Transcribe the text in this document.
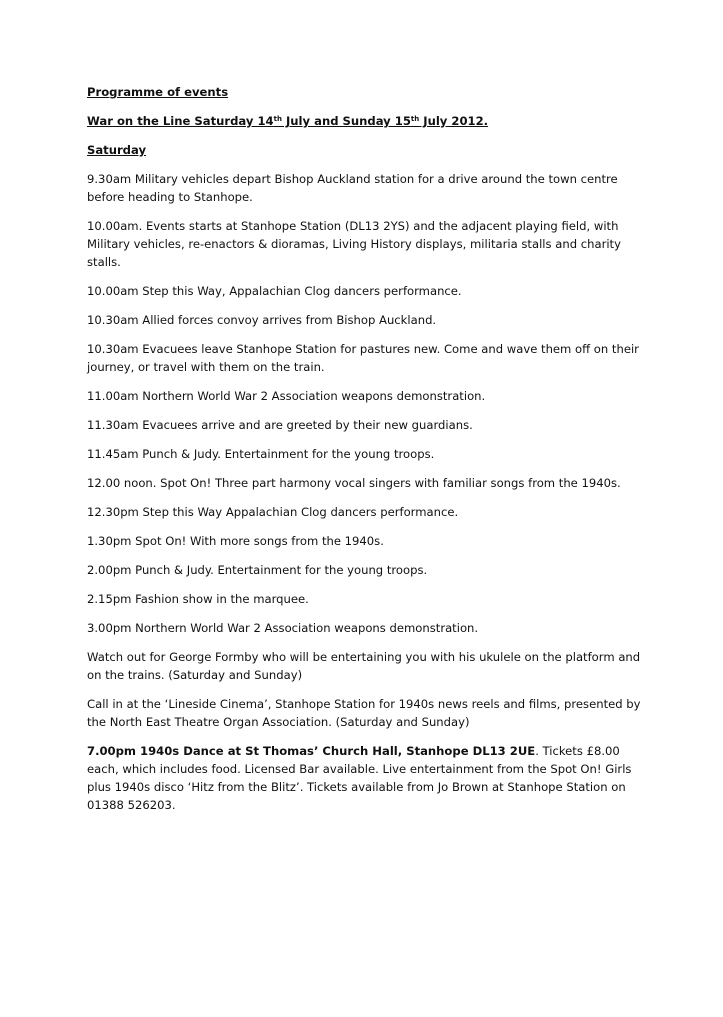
Programme of events

War on the Line Saturday 14th July and Sunday 15th July 2012.

Saturday

9.30am Military vehicles depart Bishop Auckland station for a drive around the town centre before heading to Stanhope.

10.00am. Events starts at Stanhope Station (DL13 2YS) and the adjacent playing field, with Military vehicles, re-enactors & dioramas, Living History displays, militaria stalls and charity stalls.

10.00am Step this Way, Appalachian Clog dancers performance.

10.30am Allied forces convoy arrives from Bishop Auckland.

10.30am Evacuees leave Stanhope Station for pastures new. Come and wave them off on their journey, or travel with them on the train.

11.00am Northern World War 2 Association weapons demonstration.

11.30am Evacuees arrive and are greeted by their new guardians.

11.45am Punch & Judy. Entertainment for the young troops.

12.00 noon. Spot On! Three part harmony vocal singers with familiar songs from the 1940s.

12.30pm Step this Way Appalachian Clog dancers performance.

1.30pm Spot On! With more songs from the 1940s.

2.00pm Punch & Judy. Entertainment for the young troops.

2.15pm Fashion show in the marquee.

3.00pm Northern World War 2 Association weapons demonstration.

Watch out for George Formby who will be entertaining you with his ukulele on the platform and on the trains. (Saturday and Sunday)

Call in at the ‘Lineside Cinema’, Stanhope Station for 1940s news reels and films, presented by the North East Theatre Organ Association. (Saturday and Sunday)

7.00pm 1940s Dance at St Thomas’ Church Hall, Stanhope DL13 2UE. Tickets £8.00 each, which includes food. Licensed Bar available. Live entertainment from the Spot On! Girls plus 1940s disco ‘Hitz from the Blitz’. Tickets available from Jo Brown at Stanhope Station on 01388 526203.
